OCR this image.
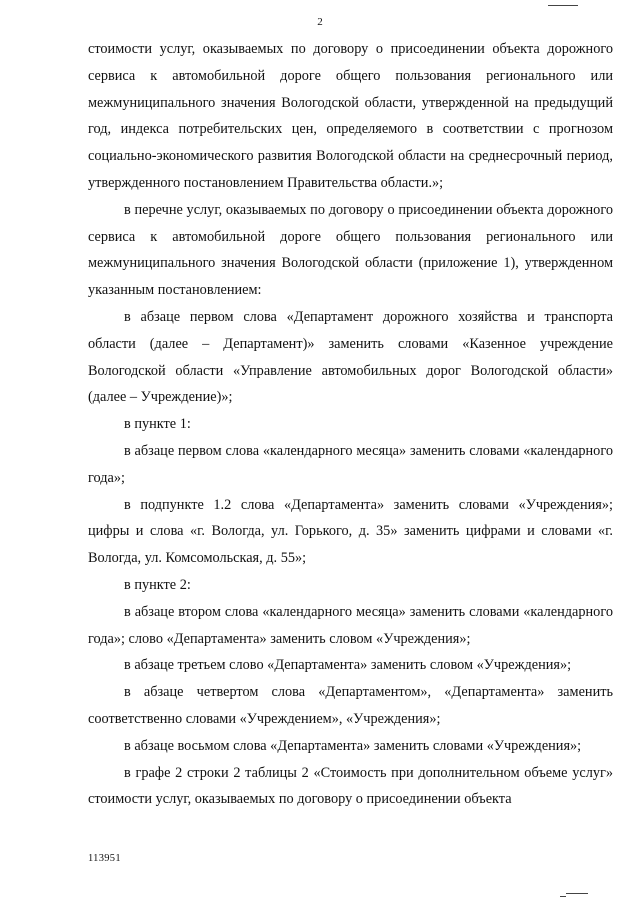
2

стоимости услуг, оказываемых по договору о присоединении объекта дорожного сервиса к автомобильной дороге общего пользования регионального или межмуниципального значения Вологодской области, утвержденной на предыдущий год, индекса потребительских цен, определяемого в соответствии с прогнозом социально-экономического развития Вологодской области на среднесрочный период, утвержденного постановлением Правительства области.»;

в перечне услуг, оказываемых по договору о присоединении объекта дорожного сервиса к автомобильной дороге общего пользования регионального или межмуниципального значения Вологодской области (приложение 1), утвержденном указанным постановлением:

в абзаце первом слова «Департамент дорожного хозяйства и транспорта области (далее – Департамент)» заменить словами «Казенное учреждение Вологодской области «Управление автомобильных дорог Вологодской области» (далее – Учреждение)»;

в пункте 1:

в абзаце первом слова «календарного месяца» заменить словами «календарного года»;

в подпункте 1.2 слова «Департамента» заменить словами «Учреждения»; цифры и слова «г. Вологда, ул. Горького, д. 35» заменить цифрами и словами «г. Вологда, ул. Комсомольская, д. 55»;

в пункте 2:

в абзаце втором слова «календарного месяца» заменить словами «календарного года»; слово «Департамента» заменить словом «Учреждения»;

в абзаце третьем слово «Департамента» заменить словом «Учреждения»;

в абзаце четвертом слова «Департаментом», «Департамента» заменить соответственно словами «Учреждением», «Учреждения»;

в абзаце восьмом слова «Департамента» заменить словами «Учреждения»;

в графе 2 строки 2 таблицы 2 «Стоимость при дополнительном объеме услуг» стоимости услуг, оказываемых по договору о присоединении объекта

113951
